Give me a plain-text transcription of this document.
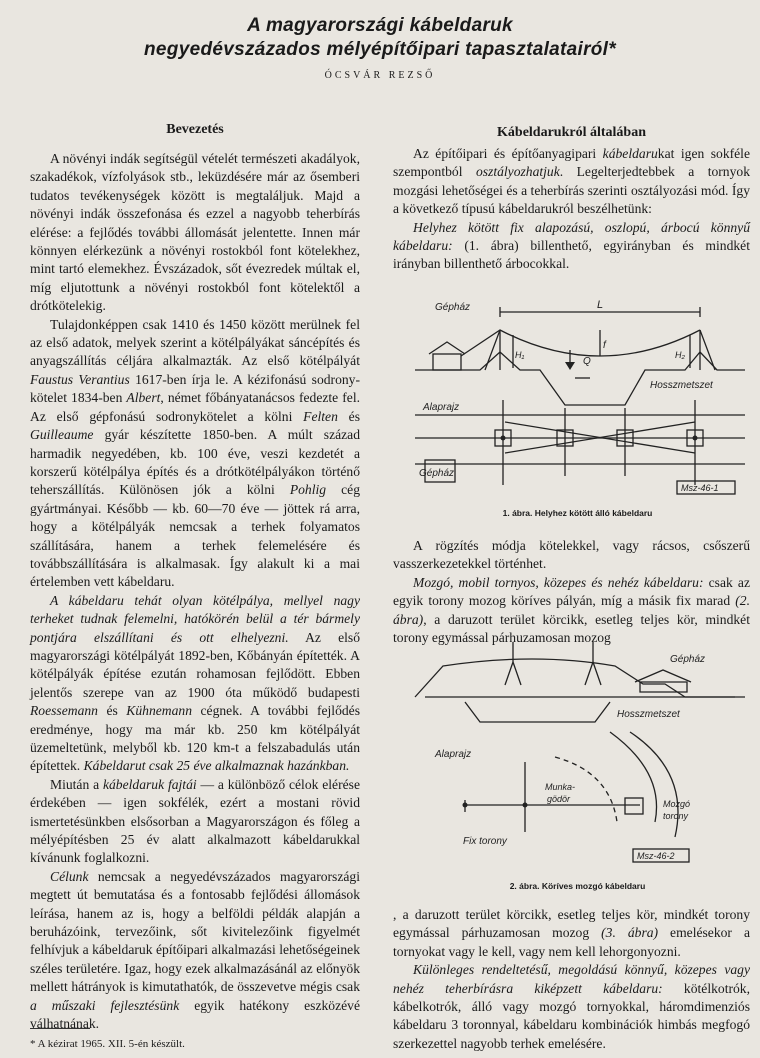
A magyarországi kábeldaruk
negyedévszázados mélyépítőipari tapasztalatairól*
ÓCSVÁR REZSŐ
Bevezetés

A növényi indák segítségül vételét természeti akadályok, szakadékok, vízfolyások stb., leküzdésére már az ősemberi tudatos tevékenységek között is megtaláljuk. Majd a növényi indák összefonása és ezzel a nagyobb teherbírás elérése: a fejlődés további állomását jelentette. Innen már könnyen elérkezünk a növényi rostokból font kötelekhez, mint tartó elemekhez. Évszázadok, sőt évezredek múltak el, míg eljutottunk a növényi rostokból font kötelektől a drótkötelekig.

Tulajdonképpen csak 1410 és 1450 között merülnek fel az első adatok, melyek szerint a kötélpályákat sáncépítés és anyagszállítás céljára alkalmazták. Az első kötélpályát Faustus Verantius 1617-ben írja le. A kézifonású sodrony-kötelet 1834-ben Albert, német főbányatanácsos fedezte fel. Az első gépfonású sodronykötelet a kölni Felten és Guilleaume gyár készítette 1850-ben. A múlt század harmadik negyedében, kb. 100 éve, veszi kezdetét a korszerű kötélpálya építés és a drótkötélpályákon történő teherszállítás. Különösen jók a kölni Pohlig cég gyártmányai. Később — kb. 60—70 éve — jöttek rá arra, hogy a kötélpályák nemcsak a terhek folyamatos szállítására, hanem a terhek felemelésére és továbbszállítására is alkalmasak. Így alakult ki a mai értelemben vett kábeldaru.

A kábeldaru tehát olyan kötélpálya, mellyel nagy terheket tudnak felemelni, hatókörén belül a tér bármely pontjára elszállítani és ott elhelyezni. Az első magyarországi kötélpályát 1892-ben, Kőbányán építették. A kötélpályák építése ezután rohamosan fejlődött. Ebben jelentős szerepe van az 1900 óta működő budapesti Roessemann és Kühnemann cégnek. A további fejlődés eredménye, hogy ma már kb. 250 km kötélpályát üzemeltetünk, melyből kb. 120 km-t a felszabadulás után építettek. Kábeldarut csak 25 éve alkalmaznak hazánkban.

Miután a kábeldaruk fajtái — a különböző célok elérése érdekében — igen sokfélék, ezért a mostani rövid ismertetésünkben elsősorban a Magyarországon és főleg a mélyépítésben 25 év alatt alkalmazott kábeldarukkal kívánunk foglalkozni.

Célunk nemcsak a negyedévszázados magyarországi megtett út bemutatása és a fontosabb fejlődési állomások leírása, hanem az is, hogy a belföldi példák alapján a beruházóink, tervezőink, sőt kivitelezőink figyelmét felhívjuk a kábeldaruk építőipari alkalmazási lehetőségeinek széles területére. Igaz, hogy ezek alkalmazásánál az előnyök mellett hátrányok is kimutathatók, de összevetve mégis csak a műszaki fejlesztésünk egyik hatékony eszközévé válhatnának.

* A kézirat 1965. XII. 5-én készült.
Kábeldarukról általában

Az építőipari és építőanyagipari kábeldarukat igen sokféle szempontból osztályozhatjuk. Legelterjedtebbek a tornyok mozgási lehetőségei és a teherbírás szerinti osztályozási mód. Így a következő típusú kábeldarukról beszélhetünk:

Helyhez kötött fix alapozású, oszlopú, árbocú könnyű kábeldaru: (1. ábra) billenthető, egyirányban és mindkét irányban billenthető árbocokkal.

Gépház	L
f
Q
H₁	H₂
Hosszmetszet
Alaprajz
Gépház
Msz-46-1
1. ábra. Helyhez kötött álló kábeldaru

A rögzítés módja kötelekkel, vagy rácsos, csőszerű vasszerkezetekkel történhet.

Mozgó, mobil tornyos, közepes és nehéz kábeldaru: csak az egyik torony mozog köríves pályán, míg a másik fix marad (2. ábra), a daruzott terület körcikk, esetleg teljes kör, mindkét torony egymással párhuzamosan mozog

Gépház
Hosszmetszet
Alaprajz
Munka-
gödör	Mozgó
torony
Fix torony
Msz-46-2
2. ábra. Köríves mozgó kábeldaru

, a daruzott terület körcikk, esetleg teljes kör, mindkét torony egymással párhuzamosan mozog (3. ábra) emelésekor a tornyokat vagy le kell, vagy nem kell lehorgonyozni.

Különleges rendeltetésű, megoldású könnyű, közepes vagy nehéz teherbírásra kiképzett kábeldaru: kötélkotrók, kábelkotrók, álló vagy mozgó tornyokkal, háromdimenziós kábeldaru 3 toronnyal, kábeldaru kombinációk himbás megfogó szerkezettel nagyobb terhek emelésére.
